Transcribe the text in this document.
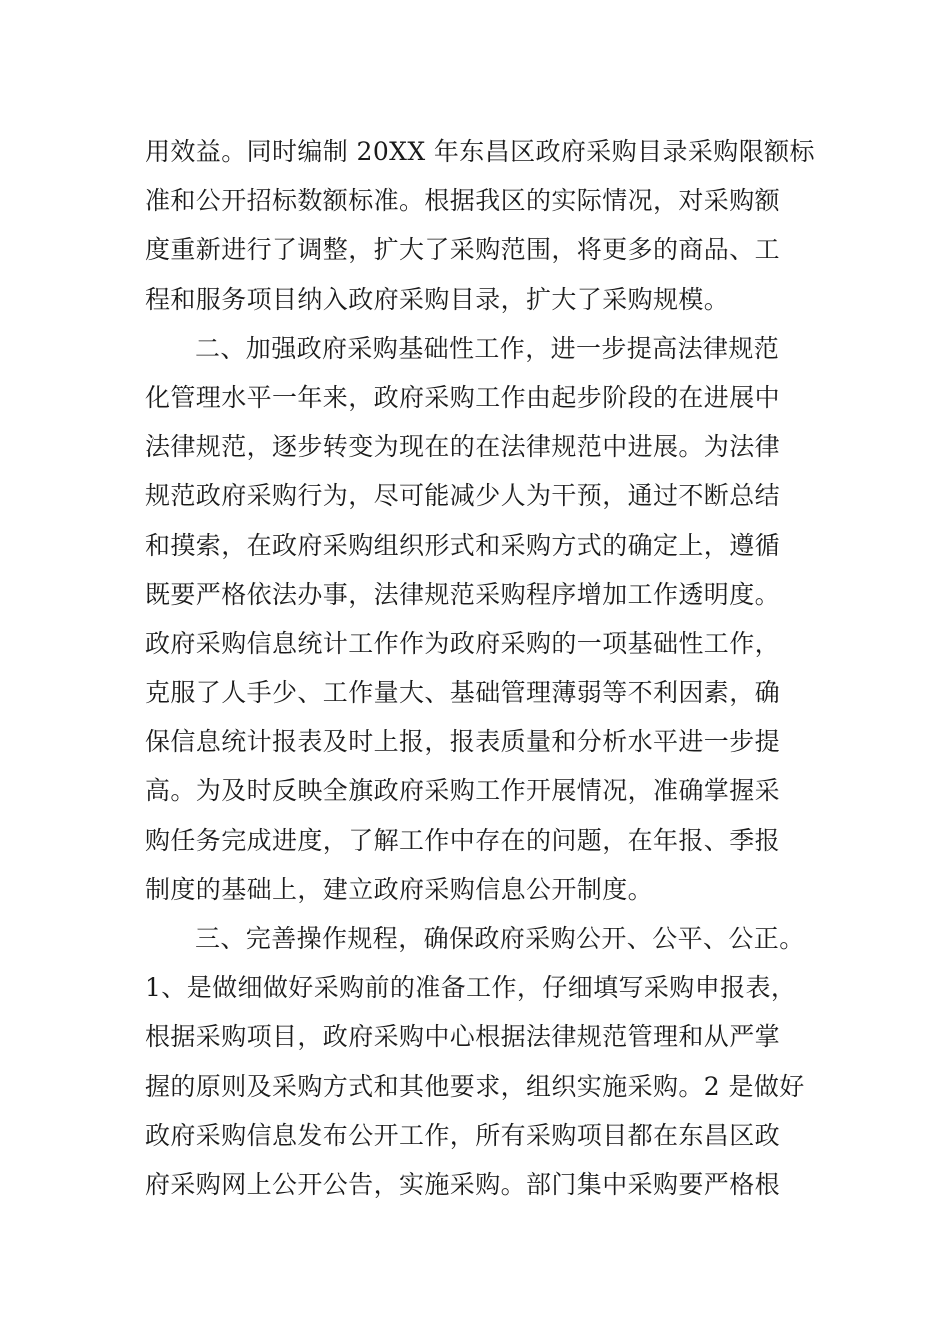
用效益。同时编制 20XX 年东昌区政府采购目录采购限额标
准和公开招标数额标准。根据我区的实际情况，对采购额
度重新进行了调整，扩大了采购范围，将更多的商品、工
程和服务项目纳入政府采购目录，扩大了采购规模。
二、加强政府采购基础性工作，进一步提高法律规范
化管理水平一年来，政府采购工作由起步阶段的在进展中
法律规范，逐步转变为现在的在法律规范中进展。为法律
规范政府采购行为，尽可能减少人为干预，通过不断总结
和摸索，在政府采购组织形式和采购方式的确定上，遵循
既要严格依法办事，法律规范采购程序增加工作透明度。
政府采购信息统计工作作为政府采购的一项基础性工作，
克服了人手少、工作量大、基础管理薄弱等不利因素，确
保信息统计报表及时上报，报表质量和分析水平进一步提
高。为及时反映全旗政府采购工作开展情况，准确掌握采
购任务完成进度，了解工作中存在的问题，在年报、季报
制度的基础上，建立政府采购信息公开制度。
三、完善操作规程，确保政府采购公开、公平、公正。
1、是做细做好采购前的准备工作，仔细填写采购申报表，
根据采购项目，政府采购中心根据法律规范管理和从严掌
握的原则及采购方式和其他要求，组织实施采购。2 是做好
政府采购信息发布公开工作，所有采购项目都在东昌区政
府采购网上公开公告，实施采购。部门集中采购要严格根
